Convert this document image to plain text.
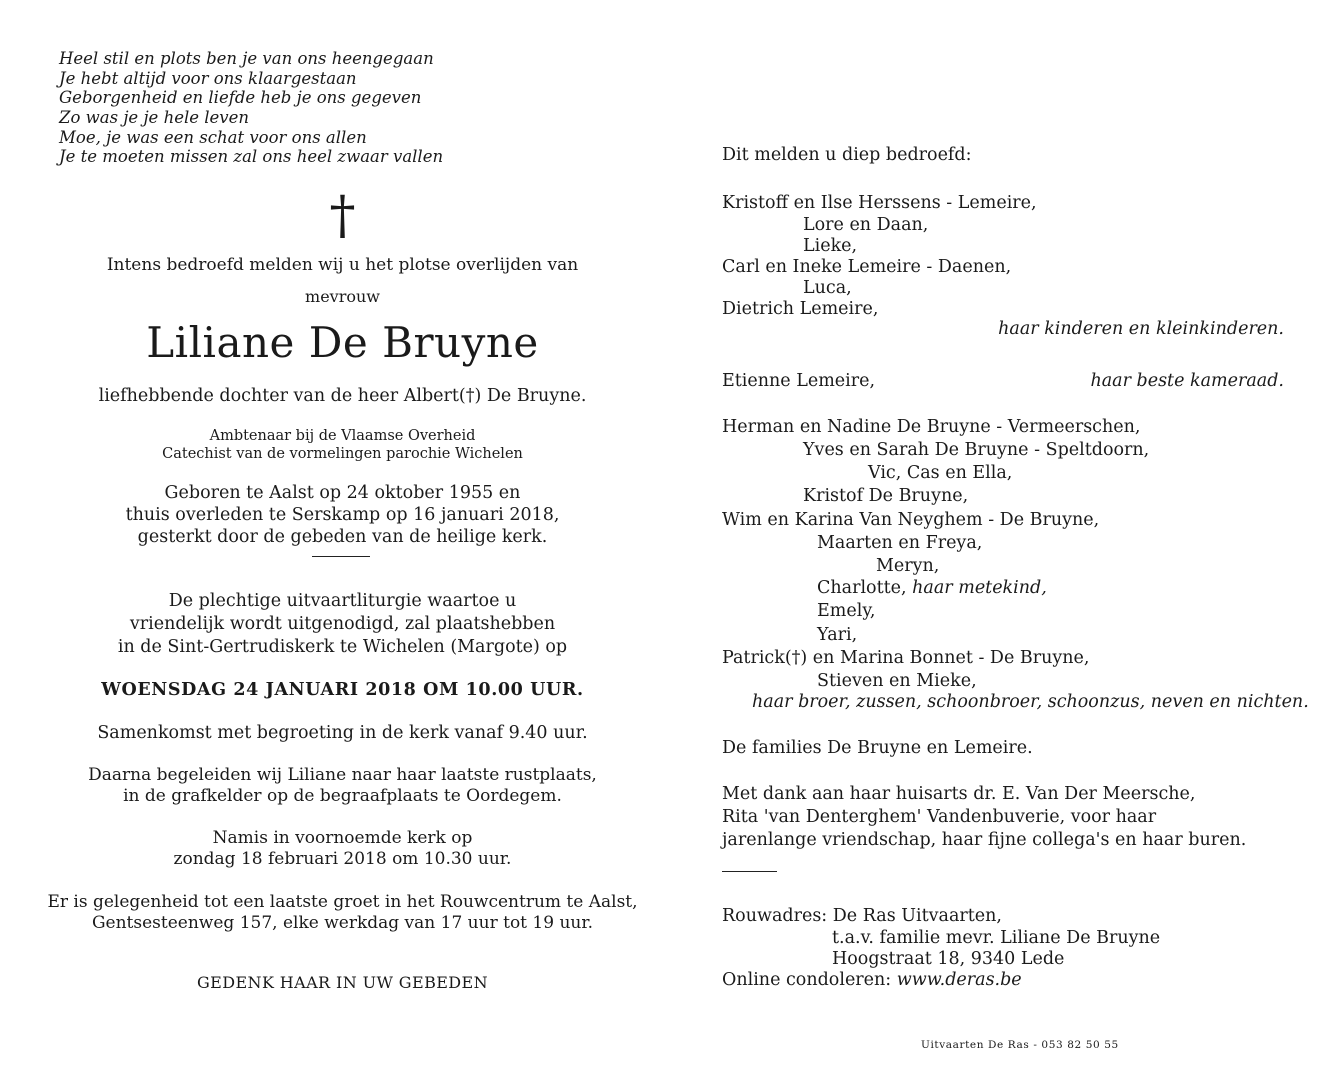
Heel stil en plots ben je van ons heengegaan
Je hebt altijd voor ons klaargestaan
Geborgenheid en liefde heb je ons gegeven
Zo was je je hele leven
Moe, je was een schat voor ons allen
Je te moeten missen zal ons heel zwaar vallen
†
Intens bedroefd melden wij u het plotse overlijden van
mevrouw
Liliane De Bruyne
liefhebbende dochter van de heer Albert(†) De Bruyne.
Ambtenaar bij de Vlaamse Overheid
Catechist van de vormelingen parochie Wichelen
Geboren te Aalst op 24 oktober 1955 en
thuis overleden te Serskamp op 16 januari 2018,
gesterkt door de gebeden van de heilige kerk.
De plechtige uitvaartliturgie waartoe u
vriendelijk wordt uitgenodigd, zal plaatshebben
in de Sint-Gertrudiskerk te Wichelen (Margote) op
WOENSDAG 24 JANUARI 2018 OM 10.00 UUR.
Samenkomst met begroeting in de kerk vanaf 9.40 uur.
Daarna begeleiden wij Liliane naar haar laatste rustplaats,
in de grafkelder op de begraafplaats te Oordegem.
Namis in voornoemde kerk op
zondag 18 februari 2018 om 10.30 uur.
Er is gelegenheid tot een laatste groet in het Rouwcentrum te Aalst,
Gentsesteenweg 157, elke werkdag van 17 uur tot 19 uur.
GEDENK HAAR IN UW GEBEDEN
Dit melden u diep bedroefd:
Kristoff en Ilse Herssens - Lemeire,
Lore en Daan,
Lieke,
Carl en Ineke Lemeire - Daenen,
Luca,
Dietrich Lemeire,
haar kinderen en kleinkinderen.
Etienne Lemeire,	haar beste kameraad.
Herman en Nadine De Bruyne - Vermeerschen,
Yves en Sarah De Bruyne - Speltdoorn,
Vic, Cas en Ella,
Kristof De Bruyne,
Wim en Karina Van Neyghem - De Bruyne,
Maarten en Freya,
Meryn,
Charlotte, haar metekind,
Emely,
Yari,
Patrick(†) en Marina Bonnet - De Bruyne,
Stieven en Mieke,
haar broer, zussen, schoonbroer, schoonzus, neven en nichten.
De families De Bruyne en Lemeire.
Met dank aan haar huisarts dr. E. Van Der Meersche,
Rita 'van Denterghem' Vandenbuverie, voor haar
jarenlange vriendschap, haar fijne collega's en haar buren.
Rouwadres: De Ras Uitvaarten,
t.a.v. familie mevr. Liliane De Bruyne
Hoogstraat 18, 9340 Lede
Online condoleren: www.deras.be
Uitvaarten De Ras - 053 82 50 55
